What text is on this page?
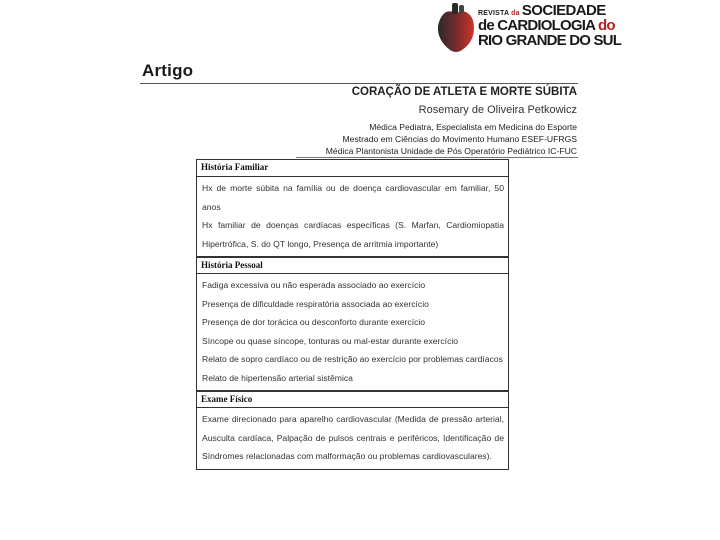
REVISTA da SOCIEDADE
de CARDIOLOGIA do
RIO GRANDE DO SUL
Artigo
CORAÇÃO DE ATLETA E MORTE SÚBITA
Rosemary de Oliveira Petkowicz
Médica Pediatra, Especialista em Medicina do Esporte
Mestrado em Ciências do Movimento Humano ESEF-UFRGS
Médica Plantonista Unidade de Pós Operatório Pediátrico IC-FUC
História Familiar
Hx de morte súbita na família ou de doença cardiovascular em familiar, 50 anos
Hx familiar de doenças cardíacas específicas (S. Marfan, Cardiomiopatia Hipertrófica, S. do QT longo, Presença de arritmia importante)
História Pessoal
Fadiga excessiva ou não esperada associado ao exercício
Presença de dificuldade respiratória associada ao exercício
Presença de dor torácica ou desconforto durante exercício
Síncope ou quase síncope, tonturas ou mal-estar durante exercício
Relato de sopro cardíaco ou de restrição ao exercício por problemas cardíacos
Relato de hipertensão arterial sistêmica
Exame Físico
Exame direcionado para aparelho cardiovascular (Medida de pressão arterial, Ausculta cardíaca, Palpação de pulsos centrais e periféricos, Identificação de Síndromes relacionadas com malformação ou problemas cardiovasculares).
